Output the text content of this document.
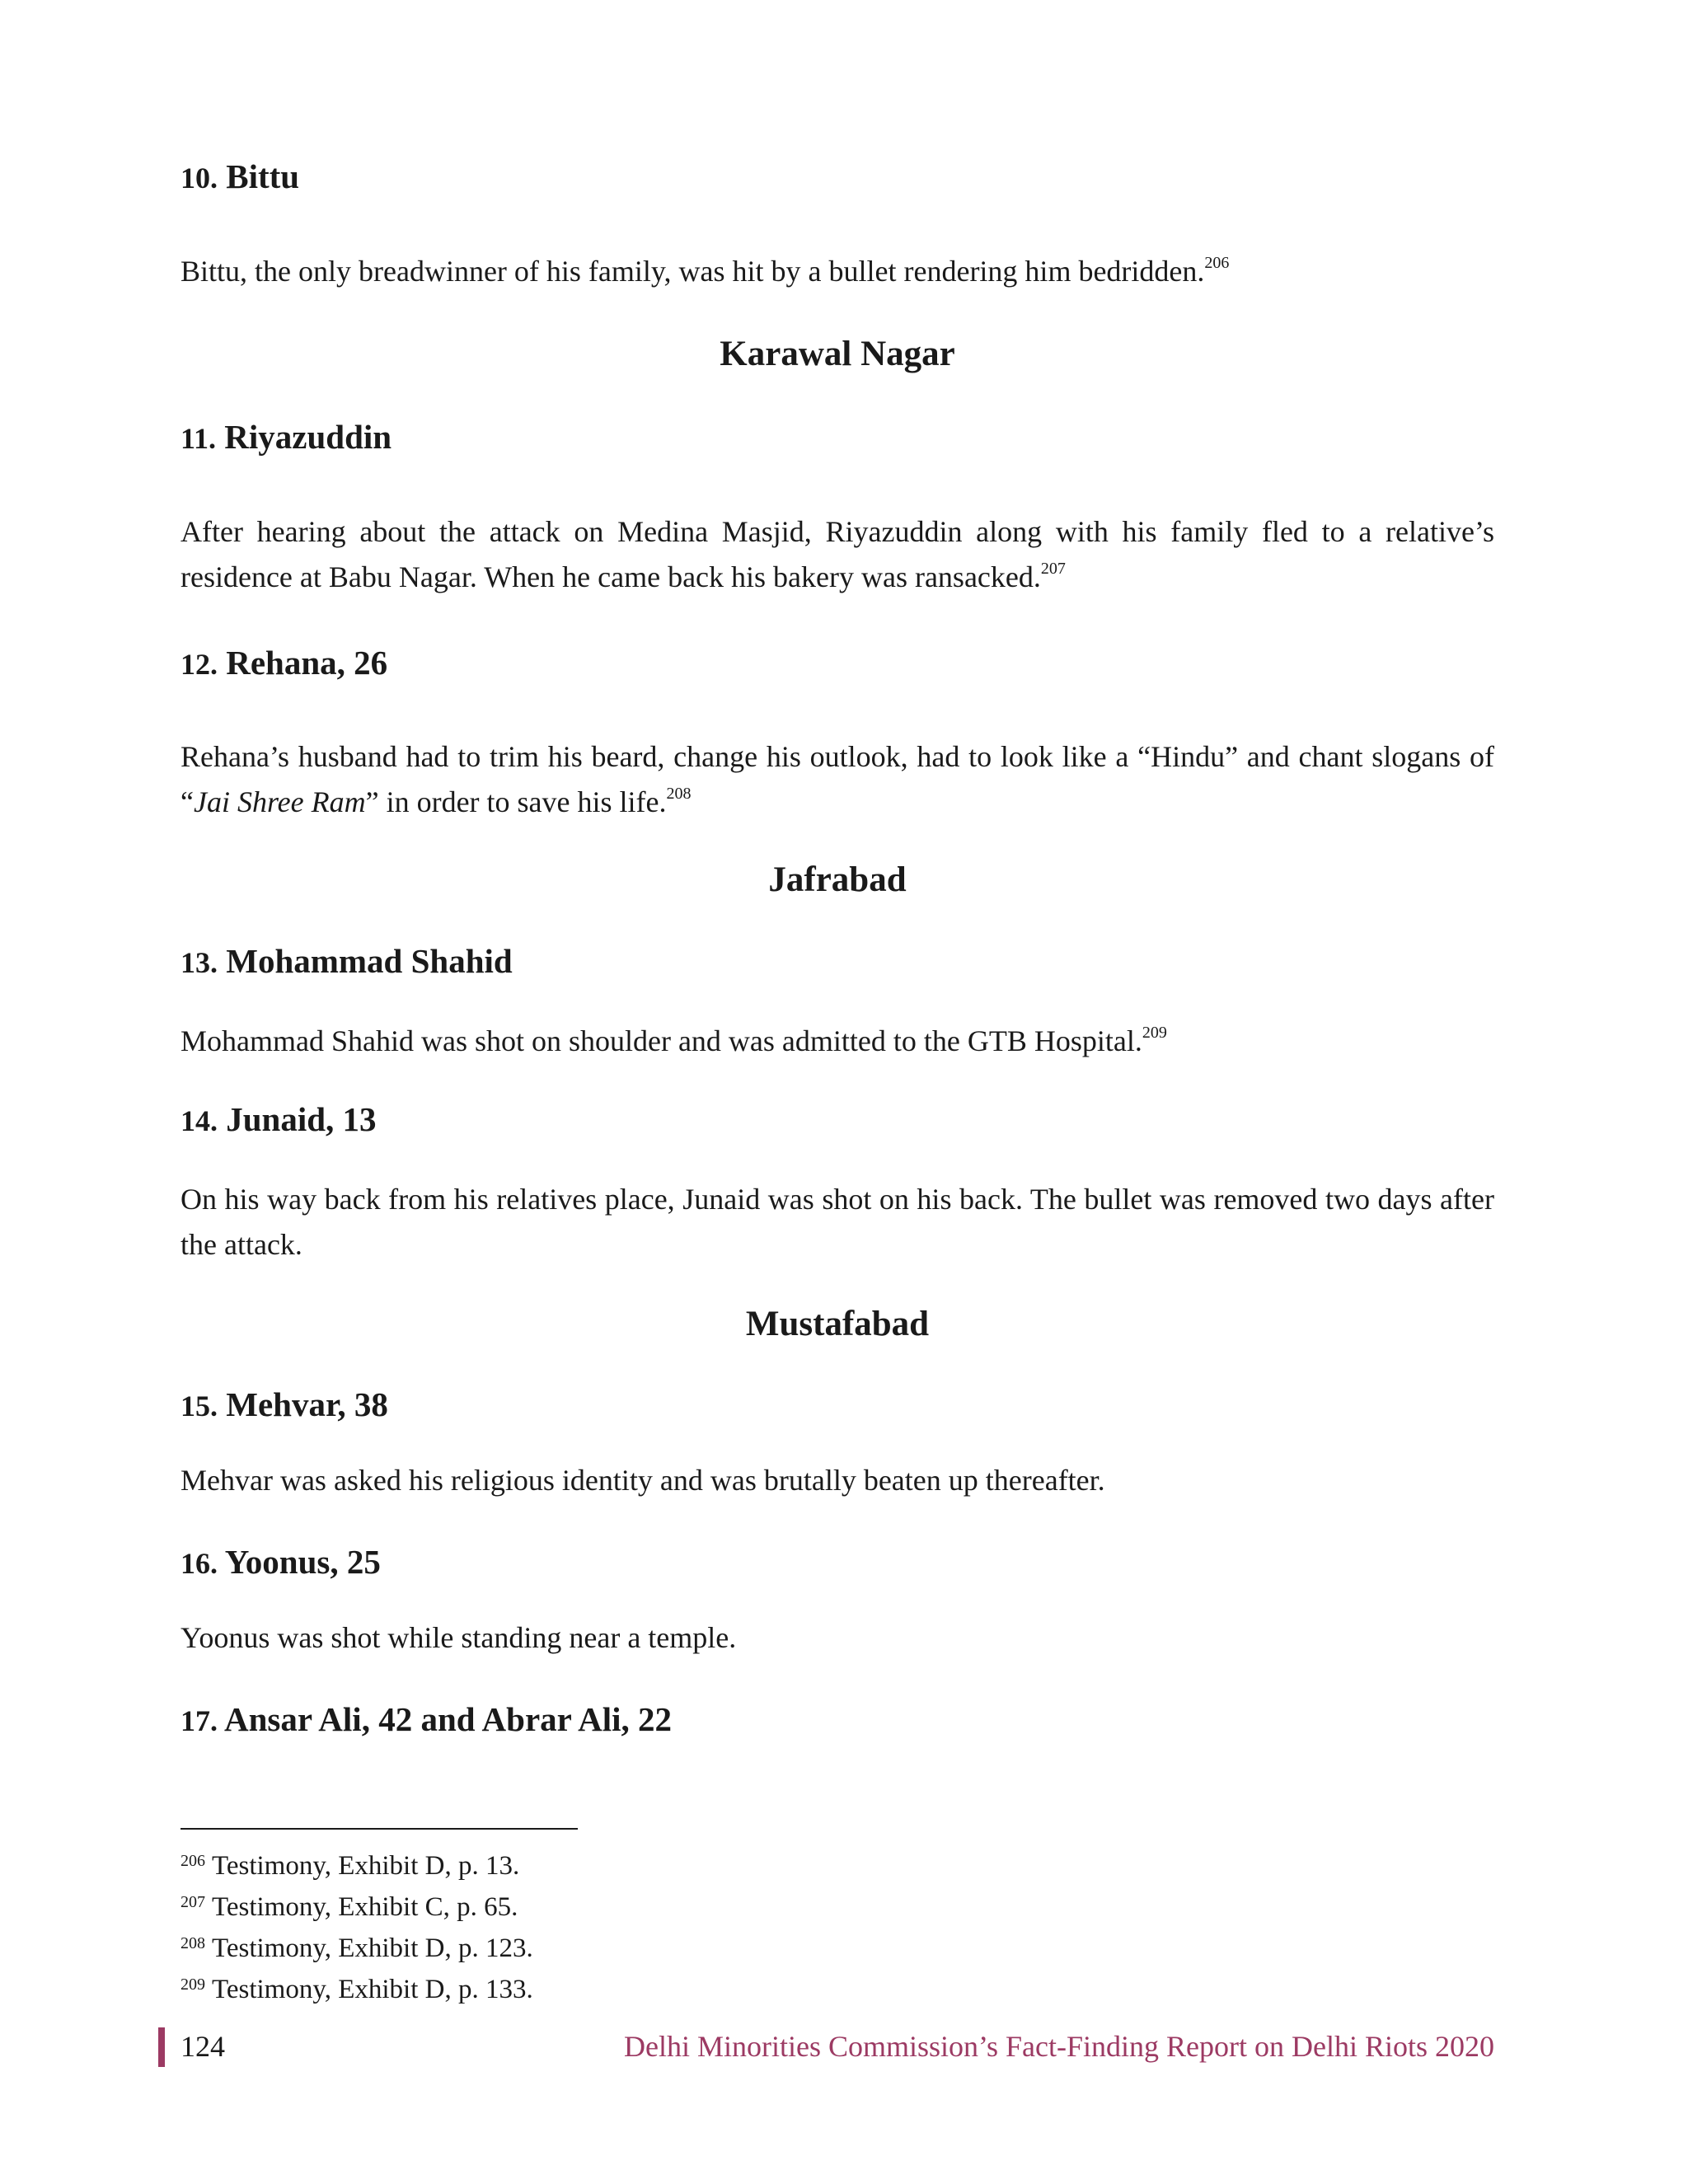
10. Bittu
Bittu, the only breadwinner of his family, was hit by a bullet rendering him bedridden.$^{206}$
Karawal Nagar
11. Riyazuddin
After hearing about the attack on Medina Masjid, Riyazuddin along with his family fled to a relative’s residence at Babu Nagar. When he came back his bakery was ransacked.$^{207}$
12. Rehana, 26
Rehana’s husband had to trim his beard, change his outlook, had to look like a “Hindu” and chant slogans of “Jai Shree Ram” in order to save his life.$^{208}$
Jafrabad
13. Mohammad Shahid
Mohammad Shahid was shot on shoulder and was admitted to the GTB Hospital.$^{209}$
14. Junaid, 13
On his way back from his relatives place, Junaid was shot on his back. The bullet was removed two days after the attack.
Mustafabad
15. Mehvar, 38
Mehvar was asked his religious identity and was brutally beaten up thereafter.
16. Yoonus, 25
Yoonus was shot while standing near a temple.
17. Ansar Ali, 42 and Abrar Ali, 22
$^{206}$ Testimony, Exhibit D, p. 13.
$^{207}$ Testimony, Exhibit C, p. 65.
$^{208}$ Testimony, Exhibit D, p. 123.
$^{209}$ Testimony, Exhibit D, p. 133.
124	Delhi Minorities Commission’s Fact-Finding Report on Delhi Riots 2020
